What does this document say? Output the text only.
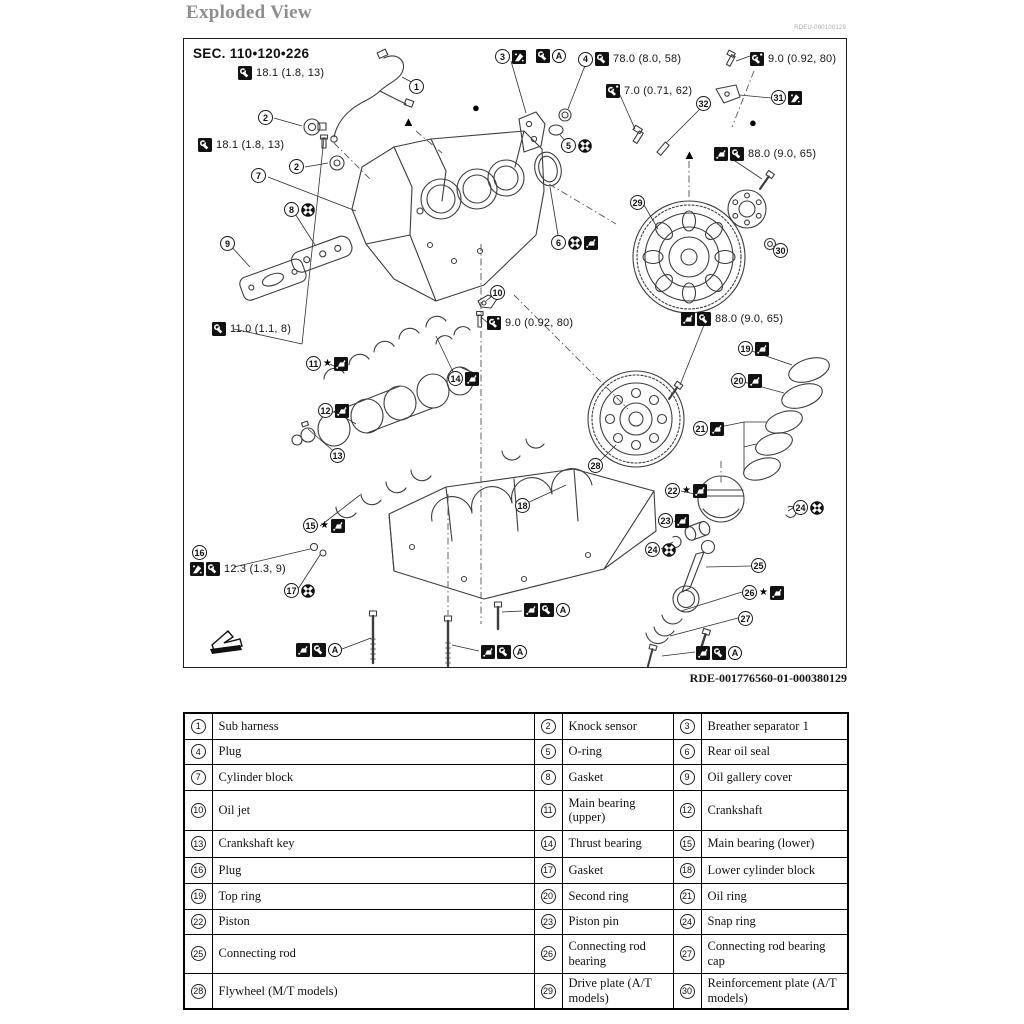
Exploded View
RDEU-000100129
SEC. 110•120•226
18.1 (1.8, 13)
2
18.1 (1.8, 13)
2
7
1
3	A	4	78.0 (8.0, 58)	9.0 (0.92, 80)
7.0 (0.71, 62)
32
31
88.0 (9.0, 65)
5
8
9	6
29
30
10
11.0 (1.1, 8)	9.0 (0.92, 80)	88.0 (9.0, 65)
11 ★
14
12
13
28
19
20
21
15 ★
16
12.3 (1.3, 9)
17
18
22 ★
23
24
24
25
26 ★
27
A	A
A
A
▲
▲
●
●
RDE-001776560-01-000380129
1	Sub harness	2	Knock sensor	3	Breather separator 1
4	Plug	5	O-ring	6	Rear oil seal
7	Cylinder block	8	Gasket	9	Oil gallery cover
10	Oil jet	11	Main bearing (upper)	12	Crankshaft
13	Crankshaft key	14	Thrust bearing	15	Main bearing (lower)
16	Plug	17	Gasket	18	Lower cylinder block
19	Top ring	20	Second ring	21	Oil ring
22	Piston	23	Piston pin	24	Snap ring
25	Connecting rod	26	Connecting rod bearing	27	Connecting rod bearing cap
28	Flywheel (M/T models)	29	Drive plate (A/T models)	30	Reinforcement plate (A/T models)
